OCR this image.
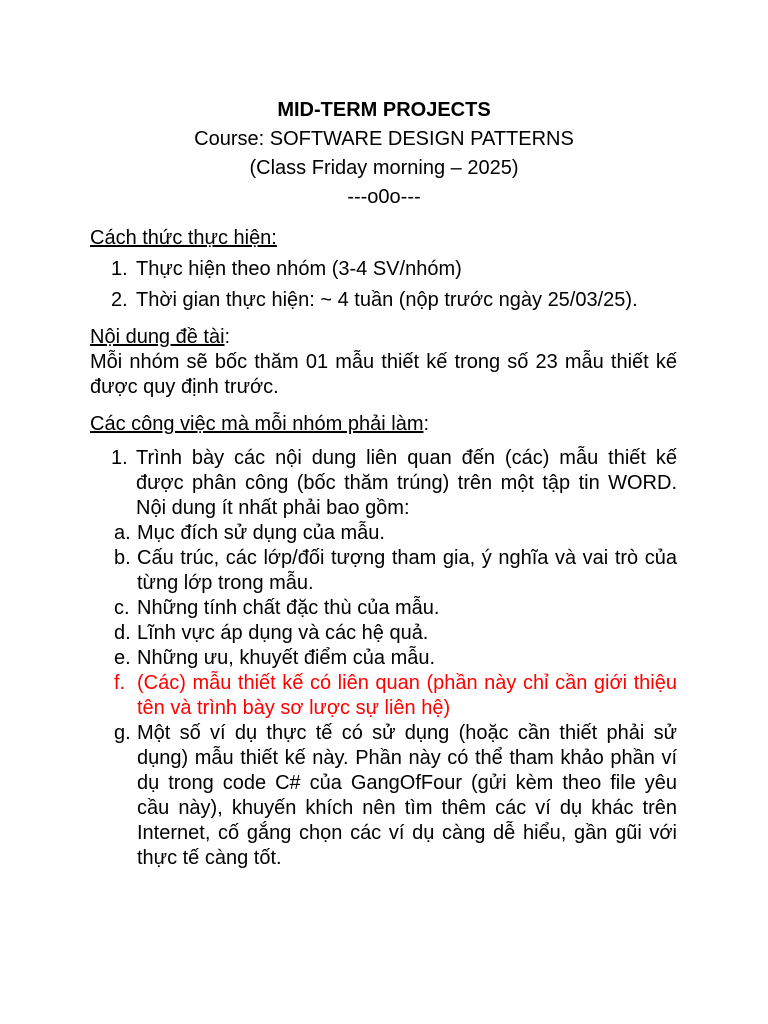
MID-TERM PROJECTS
Course: SOFTWARE DESIGN PATTERNS
(Class Friday morning – 2025)
---o0o---

Cách thức thực hiện:

1. Thực hiện theo nhóm (3-4 SV/nhóm)
2. Thời gian thực hiện: ~ 4 tuần (nộp trước ngày 25/03/25).

Nội dung đề tài:

Mỗi nhóm sẽ bốc thăm 01 mẫu thiết kế trong số 23 mẫu thiết kế được quy định trước.

Các công việc mà mỗi nhóm phải làm:

1. Trình bày các nội dung liên quan đến (các) mẫu thiết kế được phân công (bốc thăm trúng) trên một tập tin WORD. Nội dung ít nhất phải bao gồm:
a. Mục đích sử dụng của mẫu.
b. Cấu trúc, các lớp/đối tượng tham gia, ý nghĩa và vai trò của từng lớp trong mẫu.
c. Những tính chất đặc thù của mẫu.
d. Lĩnh vực áp dụng và các hệ quả.
e. Những ưu, khuyết điểm của mẫu.
f. (Các) mẫu thiết kế có liên quan (phần này chỉ cần giới thiệu tên và trình bày sơ lược sự liên hệ)
g. Một số ví dụ thực tế có sử dụng (hoặc cần thiết phải sử dụng) mẫu thiết kế này. Phần này có thể tham khảo phần ví dụ trong code C# của GangOfFour (gửi kèm theo file yêu cầu này), khuyến khích nên tìm thêm các ví dụ khác trên Internet, cố gắng chọn các ví dụ càng dễ hiểu, gần gũi với thực tế càng tốt.
